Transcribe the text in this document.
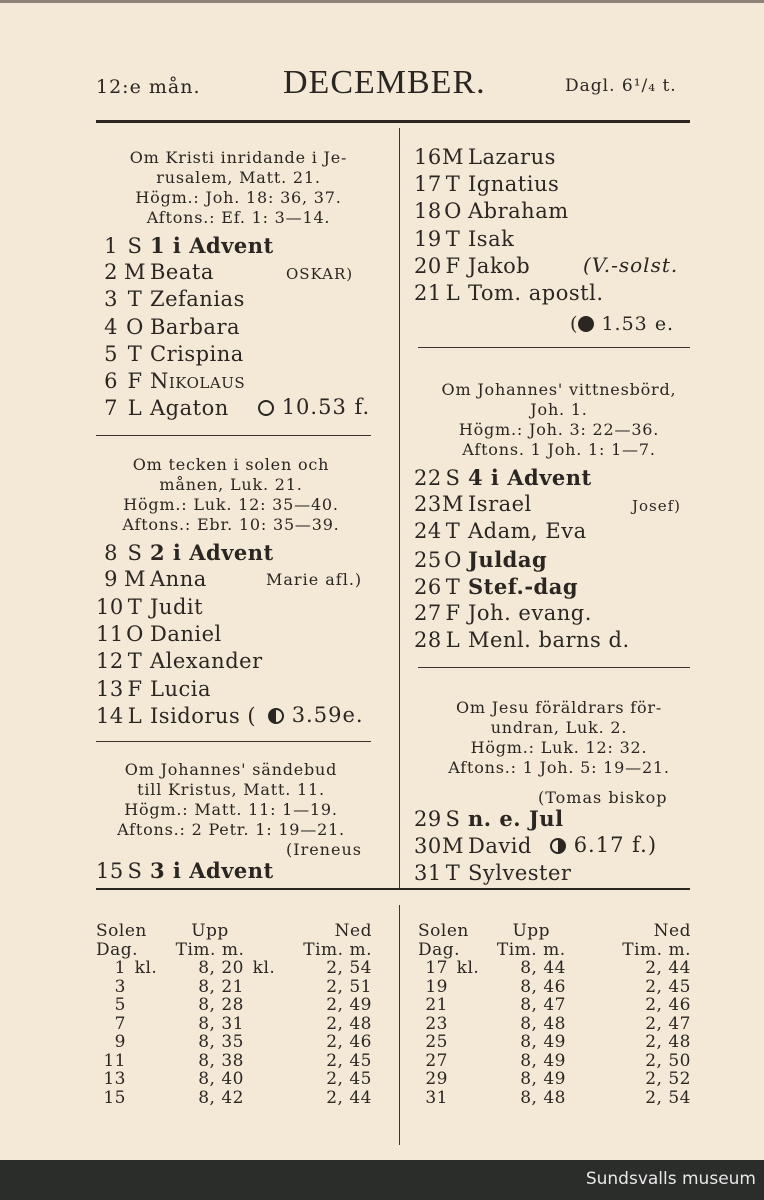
12:e mån. DECEMBER.	Dagl. 6¹/₄ t.
Om Kristi inridande i Je-
rusalem, Matt. 21.
Högm.: Joh. 18: 36, 37.
Aftons.: Ef. 1: 3—14.
Om tecken i solen och
månen, Luk. 21.
Högm.: Luk. 12: 35—40.
Aftons.: Ebr. 10: 35—39.
Om Johannes' sändebud
till Kristus, Matt. 11.
Högm.: Matt. 11: 1—19.
Aftons.: 2 Petr. 1: 19—21.
(Ireneus
( 1.53 e.
Om Johannes' vittnesbörd,
Joh. 1.
Högm.: Joh. 3: 22—36.
Aftons. 1 Joh. 1: 1—7.
Om Jesu föräldrars för-
undran, Luk. 2.
Högm.: Luk. 12: 32.
Aftons.: 1 Joh. 5: 19—21.
(Tomas biskop
1 S 1 i Advent
2 M Beata	OSKAR)
3 T Zefanias
4 O Barbara
5 T Crispina
6 F Nikolaus
7 L Agaton	10.53 f.
8 S 2 i Advent
9 M Anna	Marie afl.)
10 T Judit
11 O Daniel
12 T Alexander
13 F Lucia
14 L Isidorus (	3.59e.
15 S 3 i Advent
16M Lazarus
17 T Ignatius
18 O Abraham
19 T Isak
20 F Jakob	(V.-solst.
21 L Tom. apostl.
22 S 4 i Advent
23M Israel	Josef)
24 T Adam, Eva
25 O Juldag
26 T Stef.-dag
27 F Joh. evang.
28 L Menl. barns d.
29 S n. e. Jul
30M David	6.17 f.)
31 T Sylvester
Solen	Upp	Ned
Dag.	Tim. m.	Tim. m.
1	kl.	8, 20	kl.	2, 54
3		8, 21		2, 51
5		8, 28		2, 49
7		8, 31		2, 48
9		8, 35		2, 46
11		8, 38		2, 45
13		8, 40		2, 45
15		8, 42		2, 44
Solen	Upp	Ned
Dag.	Tim. m.	Tim. m.
17	kl.	8, 44		2, 44
19		8, 46		2, 45
21		8, 47		2, 46
23		8, 48		2, 47
25		8, 49		2, 48
27		8, 49		2, 50
29		8, 49		2, 52
31		8, 48		2, 54
Sundsvalls museum
